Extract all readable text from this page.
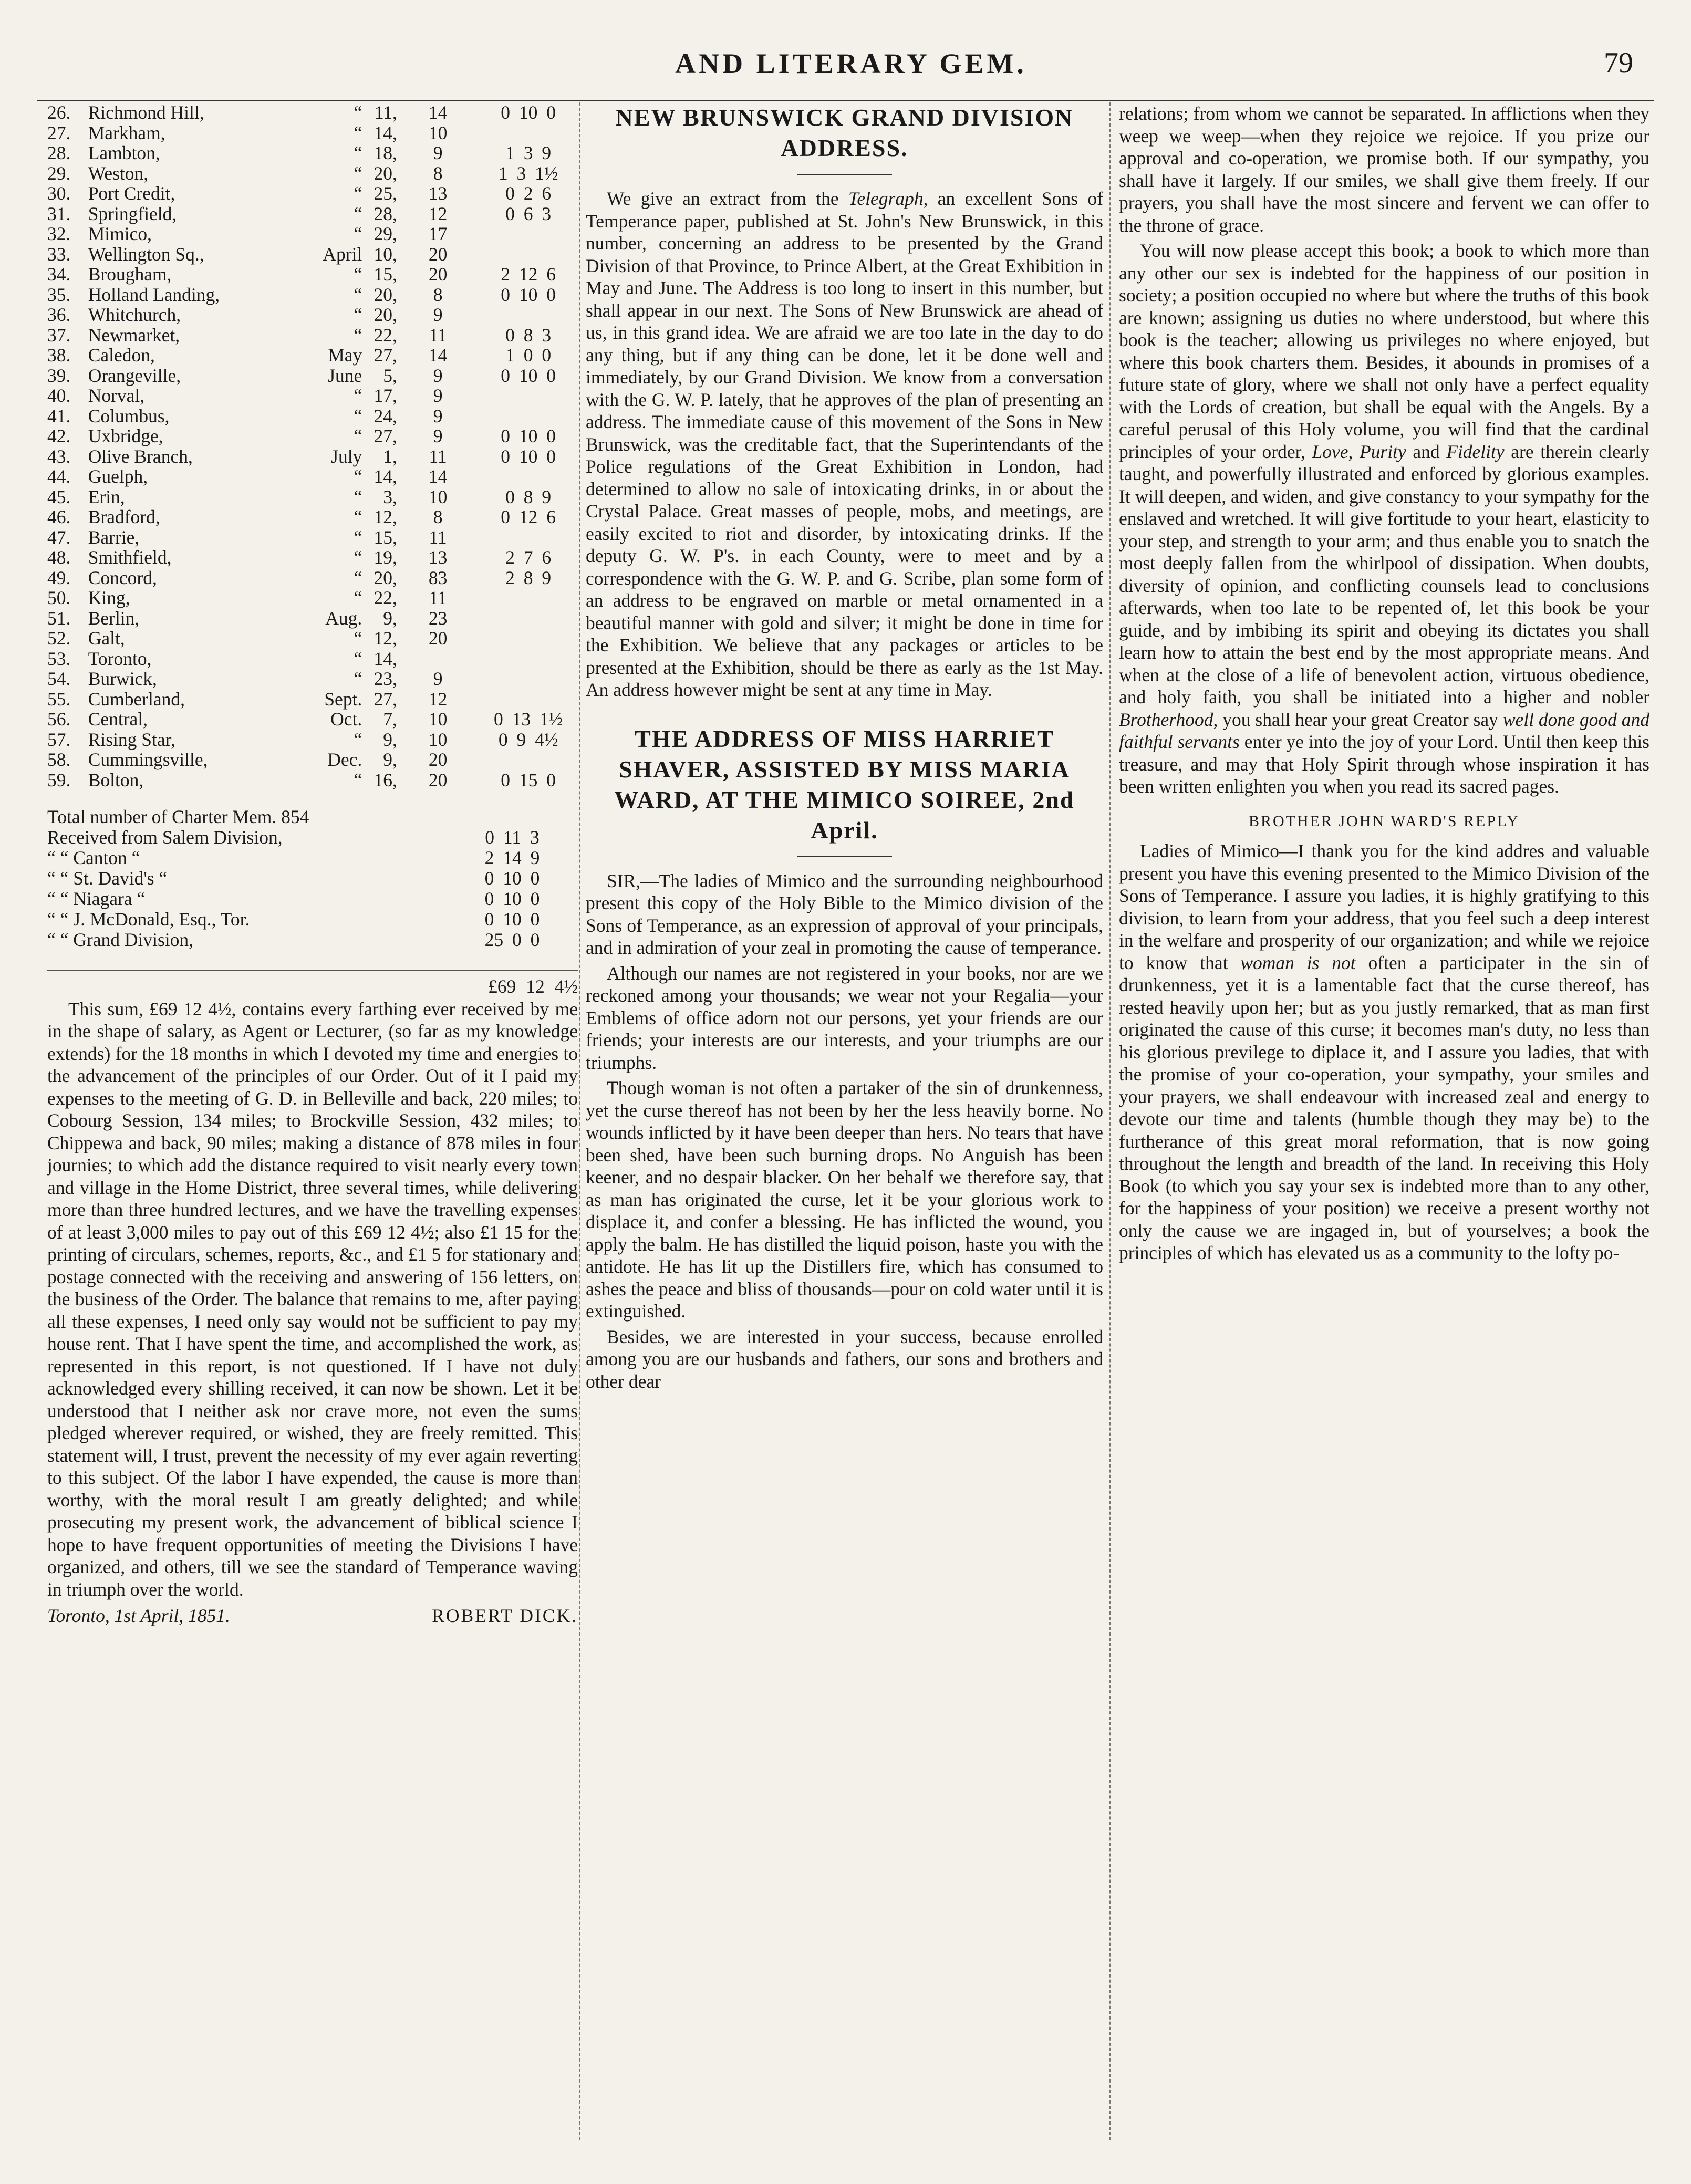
AND LITERARY GEM.	79
26.	Richmond Hill,	“	11,	14	0 10 0
27.	Markham,	“	14,	10	
28.	Lambton,	“	18,	9	1 3 9
29.	Weston,	“	20,	8	1 3 1½
30.	Port Credit,	“	25,	13	0 2 6
31.	Springfield,	“	28,	12	0 6 3
32.	Mimico,	“	29,	17	
33.	Wellington Sq.,	April	10,	20	
34.	Brougham,	“	15,	20	2 12 6
35.	Holland Landing,	“	20,	8	0 10 0
36.	Whitchurch,	“	20,	9	
37.	Newmarket,	“	22,	11	0 8 3
38.	Caledon,	May	27,	14	1 0 0
39.	Orangeville,	June	5,	9	0 10 0
40.	Norval,	“	17,	9	
41.	Columbus,	“	24,	9	
42.	Uxbridge,	“	27,	9	0 10 0
43.	Olive Branch,	July	1,	11	0 10 0
44.	Guelph,	“	14,	14	
45.	Erin,	“	3,	10	0 8 9
46.	Bradford,	“	12,	8	0 12 6
47.	Barrie,	“	15,	11	
48.	Smithfield,	“	19,	13	2 7 6
49.	Concord,	“	20,	83	2 8 9
50.	King,	“	22,	11	
51.	Berlin,	Aug.	9,	23	
52.	Galt,	“	12,	20	
53.	Toronto,	“	14,		
54.	Burwick,	“	23,	9	
55.	Cumberland,	Sept.	27,	12	
56.	Central,	Oct.	7,	10	0 13 1½
57.	Rising Star,	“	9,	10	0 9 4½
58.	Cummingsville,	Dec.	9,	20	
59.	Bolton,	“	16,	20	0 15 0
Total number of Charter Mem. 854
Received from Salem Division,	0 11 3
“ “ Canton “	2 14 9
“ “ St. David's “	0 10 0
“ “ Niagara “	0 10 0
“ “ J. McDonald, Esq., Tor.	0 10 0
“ “ Grand Division,	25 0 0
£69 12 4½

This sum, £69 12 4½, contains every farthing ever received by me in the shape of salary, as Agent or Lecturer, (so far as my knowledge extends) for the 18 months in which I devoted my time and energies to the advancement of the principles of our Order. Out of it I paid my expenses to the meeting of G. D. in Belleville and back, 220 miles; to Cobourg Session, 134 miles; to Brockville Session, 432 miles; to Chippewa and back, 90 miles; making a distance of 878 miles in four journies; to which add the distance required to visit nearly every town and village in the Home District, three several times, while delivering more than three hundred lectures, and we have the travelling expenses of at least 3,000 miles to pay out of this £69 12 4½; also £1 15 for the printing of circulars, schemes, reports, &c., and £1 5 for stationary and postage connected with the receiving and answering of 156 letters, on the business of the Order. The balance that remains to me, after paying all these expenses, I need only say would not be sufficient to pay my house rent. That I have spent the time, and accomplished the work, as represented in this report, is not questioned. If I have not duly acknowledged every shilling received, it can now be shown. Let it be understood that I neither ask nor crave more, not even the sums pledged wherever required, or wished, they are freely remitted. This statement will, I trust, prevent the necessity of my ever again reverting to this subject. Of the labor I have expended, the cause is more than worthy, with the moral result I am greatly delighted; and while prosecuting my present work, the advancement of biblical science I hope to have frequent opportunities of meeting the Divisions I have organized, and others, till we see the standard of Temperance waving in triumph over the world.

Toronto, 1st April, 1851.	ROBERT DICK.
NEW BRUNSWICK GRAND DIVISION ADDRESS.

We give an extract from the Telegraph, an excellent Sons of Temperance paper, published at St. John's New Brunswick, in this number, concerning an address to be presented by the Grand Division of that Province, to Prince Albert, at the Great Exhibition in May and June. The Address is too long to insert in this number, but shall appear in our next. The Sons of New Brunswick are ahead of us, in this grand idea. We are afraid we are too late in the day to do any thing, but if any thing can be done, let it be done well and immediately, by our Grand Division. We know from a conversation with the G. W. P. lately, that he approves of the plan of presenting an address. The immediate cause of this movement of the Sons in New Brunswick, was the creditable fact, that the Superintendants of the Police regulations of the Great Exhibition in London, had determined to allow no sale of intoxicating drinks, in or about the Crystal Palace. Great masses of people, mobs, and meetings, are easily excited to riot and disorder, by intoxicating drinks. If the deputy G. W. P's. in each County, were to meet and by a correspondence with the G. W. P. and G. Scribe, plan some form of an address to be engraved on marble or metal ornamented in a beautiful manner with gold and silver; it might be done in time for the Exhibition. We believe that any packages or articles to be presented at the Exhibition, should be there as early as the 1st May. An address however might be sent at any time in May.

THE ADDRESS OF MISS HARRIET SHAVER, ASSISTED BY MISS MARIA WARD, AT THE MIMICO SOIREE, 2nd April.

SIR,—The ladies of Mimico and the surrounding neighbourhood present this copy of the Holy Bible to the Mimico division of the Sons of Temperance, as an expression of approval of your principals, and in admiration of your zeal in promoting the cause of temperance.

Although our names are not registered in your books, nor are we reckoned among your thousands; we wear not your Regalia—your Emblems of office adorn not our persons, yet your friends are our friends; your interests are our interests, and your triumphs are our triumphs.

Though woman is not often a partaker of the sin of drunkenness, yet the curse thereof has not been by her the less heavily borne. No wounds inflicted by it have been deeper than hers. No tears that have been shed, have been such burning drops. No Anguish has been keener, and no despair blacker. On her behalf we therefore say, that as man has originated the curse, let it be your glorious work to displace it, and confer a blessing. He has inflicted the wound, you apply the balm. He has distilled the liquid poison, haste you with the antidote. He has lit up the Distillers fire, which has consumed to ashes the peace and bliss of thousands—pour on cold water until it is extinguished.

Besides, we are interested in your success, because enrolled among you are our husbands and fathers, our sons and brothers and other dear

relations; from whom we cannot be separated. In afflictions when they weep we weep—when they rejoice we rejoice. If you prize our approval and co-operation, we promise both. If our sympathy, you shall have it largely. If our smiles, we shall give them freely. If our prayers, you shall have the most sincere and fervent we can offer to the throne of grace.

You will now please accept this book; a book to which more than any other our sex is indebted for the happiness of our position in society; a position occupied no where but where the truths of this book are known; assigning us duties no where understood, but where this book is the teacher; allowing us privileges no where enjoyed, but where this book charters them. Besides, it abounds in promises of a future state of glory, where we shall not only have a perfect equality with the Lords of creation, but shall be equal with the Angels. By a careful perusal of this Holy volume, you will find that the cardinal principles of your order, Love, Purity and Fidelity are therein clearly taught, and powerfully illustrated and enforced by glorious examples. It will deepen, and widen, and give constancy to your sympathy for the enslaved and wretched. It will give fortitude to your heart, elasticity to your step, and strength to your arm; and thus enable you to snatch the most deeply fallen from the whirlpool of dissipation. When doubts, diversity of opinion, and conflicting counsels lead to conclusions afterwards, when too late to be repented of, let this book be your guide, and by imbibing its spirit and obeying its dictates you shall learn how to attain the best end by the most appropriate means. And when at the close of a life of benevolent action, virtuous obedience, and holy faith, you shall be initiated into a higher and nobler Brotherhood, you shall hear your great Creator say well done good and faithful servants enter ye into the joy of your Lord. Until then keep this treasure, and may that Holy Spirit through whose inspiration it has been written enlighten you when you read its sacred pages.

BROTHER JOHN WARD'S REPLY

Ladies of Mimico—I thank you for the kind addres and valuable present you have this evening presented to the Mimico Division of the Sons of Temperance. I assure you ladies, it is highly gratifying to this division, to learn from your address, that you feel such a deep interest in the welfare and prosperity of our organization; and while we rejoice to know that woman is not often a participater in the sin of drunkenness, yet it is a lamentable fact that the curse thereof, has rested heavily upon her; but as you justly remarked, that as man first originated the cause of this curse; it becomes man's duty, no less than his glorious previlege to diplace it, and I assure you ladies, that with the promise of your co-operation, your sympathy, your smiles and your prayers, we shall endeavour with increased zeal and energy to devote our time and talents (humble though they may be) to the furtherance of this great moral reformation, that is now going throughout the length and breadth of the land. In receiving this Holy Book (to which you say your sex is indebted more than to any other, for the happiness of your position) we receive a present worthy not only the cause we are ingaged in, but of yourselves; a book the principles of which has elevated us as a community to the lofty po-
